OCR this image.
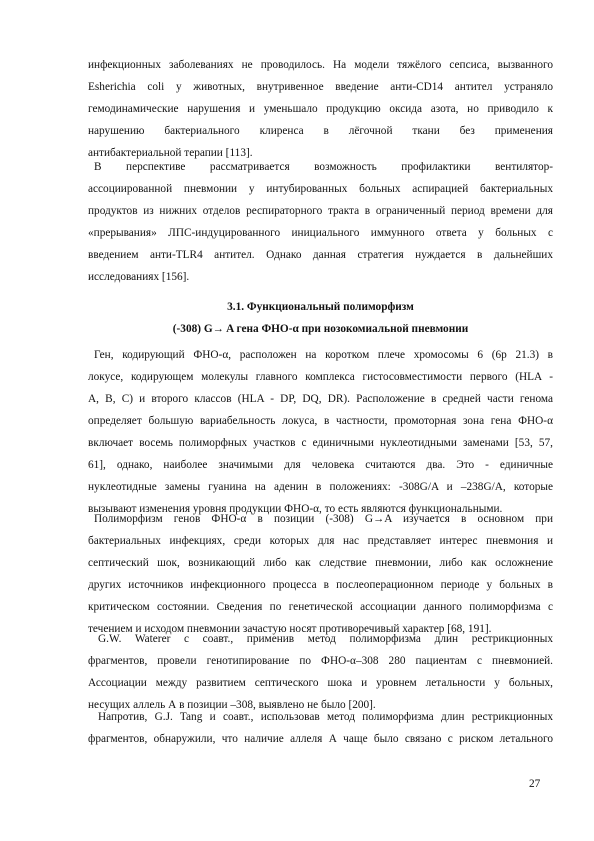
инфекционных заболеваниях не проводилось. На модели тяжёлого сепсиса, вызванного
Esherichia coli у животных, внутривенное введение анти-CD14 антител устраняло
гемодинамические нарушения и уменьшало продукцию оксида азота, но приводило к
нарушению бактериального клиренса в лёгочной ткани без применения
антибактериальной терапии [113].
В перспективе рассматривается возможность профилактики вентилятор-
ассоциированной пневмонии у интубированных больных аспирацией бактериальных
продуктов из нижних отделов респираторного тракта в ограниченный период времени для
«прерывания» ЛПС-индуцированного инициального иммунного ответа у больных с
введением анти-TLR4 антител. Однако данная стратегия нуждается в дальнейших
исследованиях [156].
3.1. Функциональный полиморфизм
(-308) G→ A гена ФНО-α при нозокомиальной пневмонии
Ген, кодирующий ФНО-α, расположен на коротком плече хромосомы 6 (6p 21.3) в
локусе, кодирующем молекулы главного комплекса гистосовместимости первого (HLA -
A, B, C) и второго классов (HLA - DP, DQ, DR). Расположение в средней части генома
определяет большую вариабельность локуса, в частности, промоторная зона гена ФНО-α
включает восемь полиморфных участков с единичными нуклеотидными заменами [53, 57,
61], однако, наиболее значимыми для человека считаются два. Это - единичные
нуклеотидные замены гуанина на аденин в положениях: -308G/A и –238G/A, которые
вызывают изменения уровня продукции ФНО-α, то есть являются функциональными.
Полиморфизм генов ФНО-α в позиции (-308) G→A изучается в основном при
бактериальных инфекциях, среди которых для нас представляет интерес пневмония и
септический шок, возникающий либо как следствие пневмонии, либо как осложнение
других источников инфекционного процесса в послеоперационном периоде у больных в
критическом состоянии. Сведения по генетической ассоциации данного полиморфизма с
течением и исходом пневмонии зачастую носят противоречивый характер [68, 191].
G.W. Waterer с соавт., применив метод полиморфизма длин рестрикционных
фрагментов, провели генотипирование по ФНО-α–308 280 пациентам с пневмонией.
Ассоциации между развитием септического шока и уровнем летальности у больных,
несущих аллель А в позиции –308, выявлено не было [200].
Напротив, G.J. Tang и соавт., использовав метод полиморфизма длин рестрикционных
фрагментов, обнаружили, что наличие аллеля А чаще было связано с риском летального
27
